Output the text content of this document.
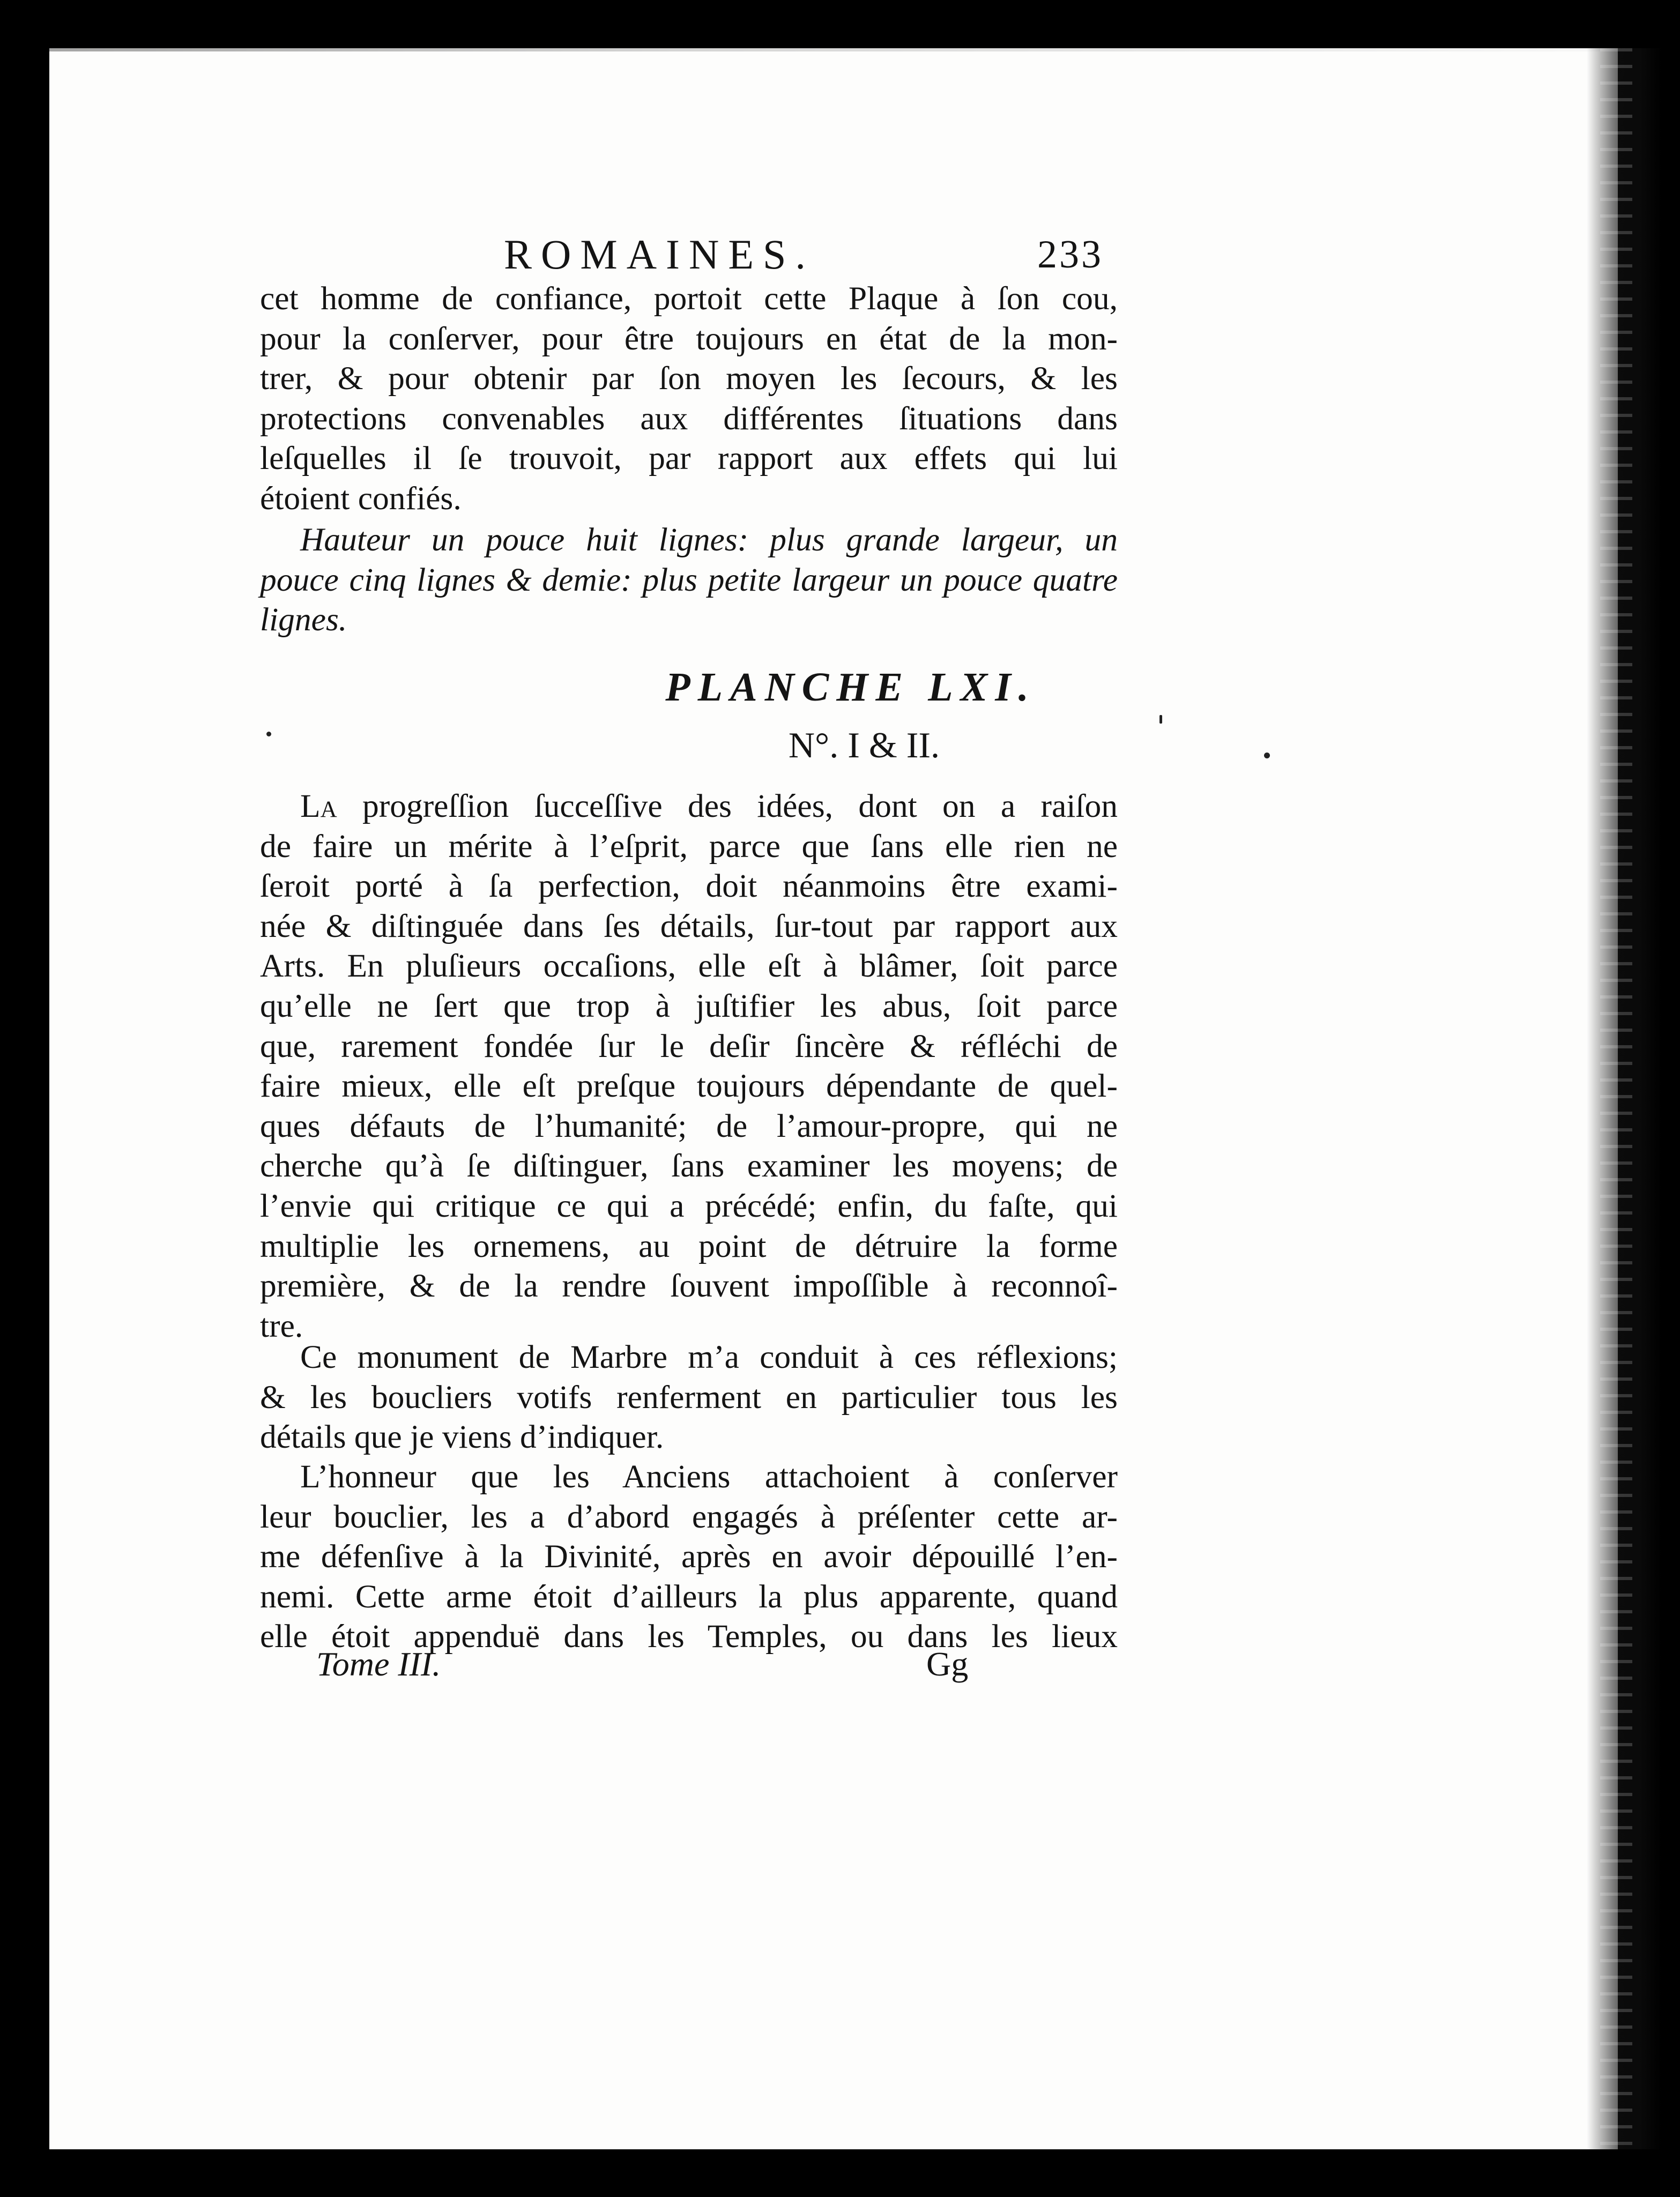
ROMAINES.	233
cet homme de confiance, portoit cette Plaque à ſon cou,
pour la conſerver, pour être toujours en état de la mon-
trer, & pour obtenir par ſon moyen les ſecours, & les
protections convenables aux différentes ſituations dans
leſquelles il ſe trouvoit, par rapport aux effets qui lui
étoient confiés.
Hauteur un pouce huit lignes: plus grande largeur, un
pouce cinq lignes & demie: plus petite largeur un pouce quatre
lignes.
PLANCHE LXI.
N°. I & II.
La progreſſion ſucceſſive des idées, dont on a raiſon
de faire un mérite à l’eſprit, parce que ſans elle rien ne
ſeroit porté à ſa perfection, doit néanmoins être exami-
née & diſtinguée dans ſes détails, ſur-tout par rapport aux
Arts. En pluſieurs occaſions, elle eſt à blâmer, ſoit parce
qu’elle ne ſert que trop à juſtifier les abus, ſoit parce
que, rarement fondée ſur le deſir ſincère & réfléchi de
faire mieux, elle eſt preſque toujours dépendante de quel-
ques défauts de l’humanité; de l’amour-propre, qui ne
cherche qu’à ſe diſtinguer, ſans examiner les moyens; de
l’envie qui critique ce qui a précédé; enfin, du faſte, qui
multiplie les ornemens, au point de détruire la forme
première, & de la rendre ſouvent impoſſible à reconnoî-
tre.
Ce monument de Marbre m’a conduit à ces réflexions;
& les boucliers votifs renferment en particulier tous les
détails que je viens d’indiquer.
L’honneur que les Anciens attachoient à conſerver
leur bouclier, les a d’abord engagés à préſenter cette ar-
me défenſive à la Divinité, après en avoir dépouillé l’en-
nemi. Cette arme étoit d’ailleurs la plus apparente, quand
elle étoit appenduë dans les Temples, ou dans les lieux
Tome III.	Gg
